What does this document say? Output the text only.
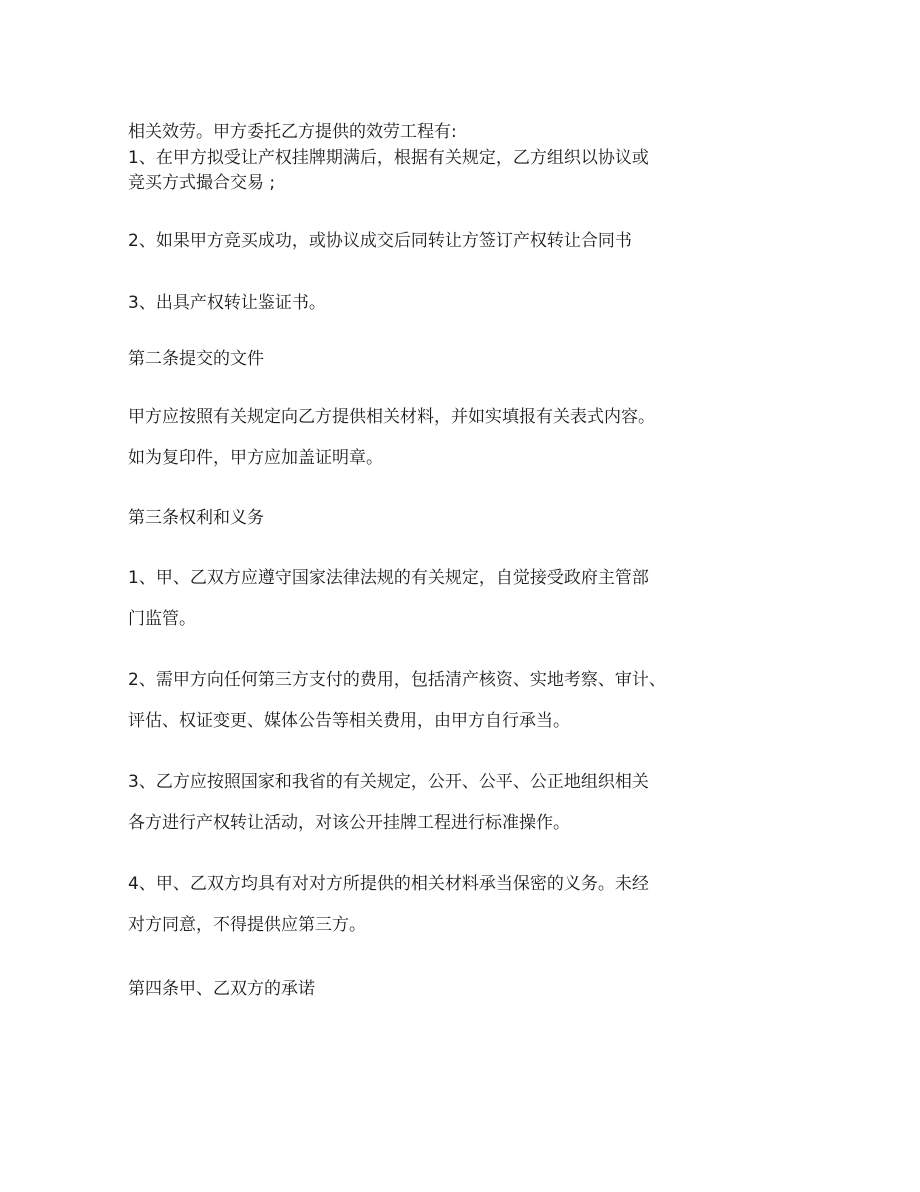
相关效劳。甲方委托乙方提供的效劳工程有:

1、在甲方拟受让产权挂牌期满后，根据有关规定，乙方组织以协议或

竞买方式撮合交易 ;

2、如果甲方竞买成功，或协议成交后同转让方签订产权转让合同书

3、出具产权转让鉴证书。

第二条提交的文件

甲方应按照有关规定向乙方提供相关材料，并如实填报有关表式内容。

如为复印件，甲方应加盖证明章。

第三条权利和义务

1、甲、乙双方应遵守国家法律法规的有关规定，自觉接受政府主管部

门监管。

2、需甲方向任何第三方支付的费用，包括清产核资、实地考察、审计、

评估、权证变更、媒体公告等相关费用，由甲方自行承当。

3、乙方应按照国家和我省的有关规定，公开、公平、公正地组织相关

各方进行产权转让活动，对该公开挂牌工程进行标准操作。

4、甲、乙双方均具有对对方所提供的相关材料承当保密的义务。未经

对方同意，不得提供应第三方。

第四条甲、乙双方的承诺
